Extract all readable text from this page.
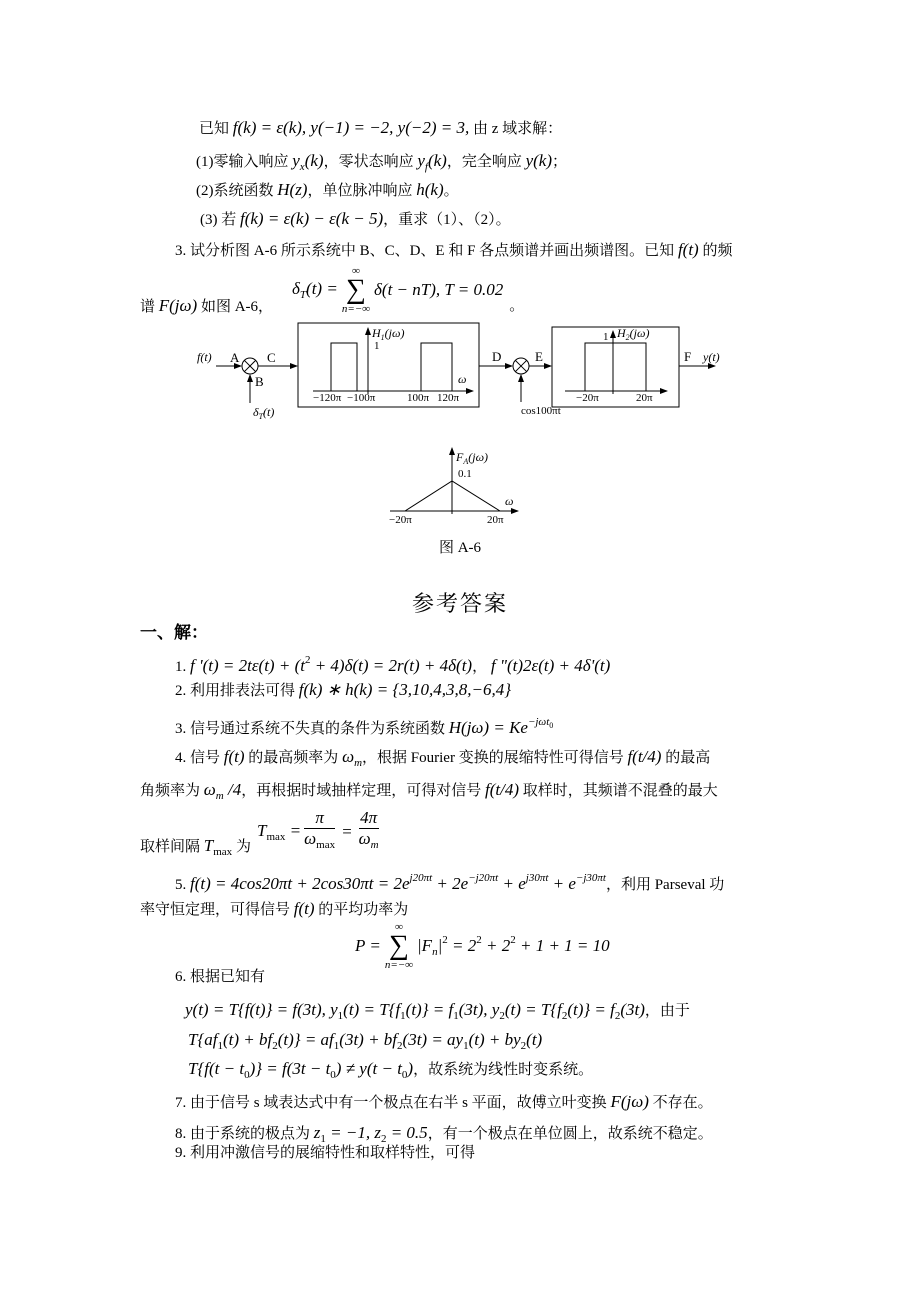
已知 f(k) = ε(k), y(−1) = −2, y(−2) = 3, 由 z 域求解：
(1)零输入响应 $y_x(k)$，零状态响应 $y_f(k)$，完全响应 y(k)；
(2)系统函数 H(z)，单位脉冲响应 h(k)。
(3) 若 f(k) = ε(k) − ε(k − 5)，重求（1）、（2）。
3. 试分析图 A-6 所示系统中 B、C、D、E 和 F 各点频谱并画出频谱图。已知 f(t) 的频
谱 F(jω) 如图 A-6，
$\delta_T(t)$ =
∞
∑
n=−∞
δ(t − nT), T = 0.02
。
f(t) A
B
C
$\delta_T(t)$
$H_1(j\omega)$
1
ω
−120π −100π	100π 120π
D	E
cos100πt
$H_2(j\omega)$
1
−20π	20π
F y(t)
$F_A(j\omega)$
0.1
ω
−20π	20π
图 A-6
参考答案
一、解：
1. f '$(t) = 2t\varepsilon(t) + (t^2 + 4)\delta(t) = 2r(t) + 4\delta(t)$， f "(t)2ε(t) + 4δ'(t)
2. 利用排表法可得 f(k) ∗ h(k) = {3,10,4,3,8,−6,4}
3. 信号通过系统不失真的条件为系统函数 $H(j\omega) = Ke^{-j\omega t0}$
4. 信号 f(t) 的最高频率为 $\omega_m$，根据 Fourier 变换的展缩特性可得信号 f(t/4) 的最高
角频率为 $\omega_m$ /4，再根据时域抽样定理，可得对信号 f(t/4) 取样时，其频谱不混叠的最大
取样间隔 $T_{max}$ 为
$T_{max} = \frac{\pi}{\omega_{max}} = \frac{4\pi}{\omega_m}$
5. $f(t) = 4\cos 20\pi t + 2\cos 30\pi t = 2e^{j20\pi t} + 2e^{-j20\pi t} + e^{j30\pi t} + e^{-j30\pi t}$，利用 Parseval 功
率守恒定理，可得信号 f(t) 的平均功率为
P =
∞
∑
n=−∞
$|F_n|^2 = 2^2 + 2^2 + 1 + 1 = 10$
6. 根据已知有
y(t) = T{f(t)} = f(3t), $y_1(t) = T\{f_1(t)\} = f_1(3t)$, $y_2(t) = T\{f_2(t)\} = f_2(3t)$，由于
$T\{af_1(t) + bf_2(t)\} = af_1(3t) + bf_2(3t) = ay_1(t) + by_2(t)$
$T\{f(t - t_0)\} = f(3t - t_0) \ne y(t - t_0)$，故系统为线性时变系统。
7. 由于信号 s 域表达式中有一个极点在右半 s 平面，故傅立叶变换 F(jω) 不存在。
8. 由于系统的极点为 $z_1 = -1$, $z_2 = 0.5$，有一个极点在单位圆上，故系统不稳定。
9. 利用冲激信号的展缩特性和取样特性，可得
